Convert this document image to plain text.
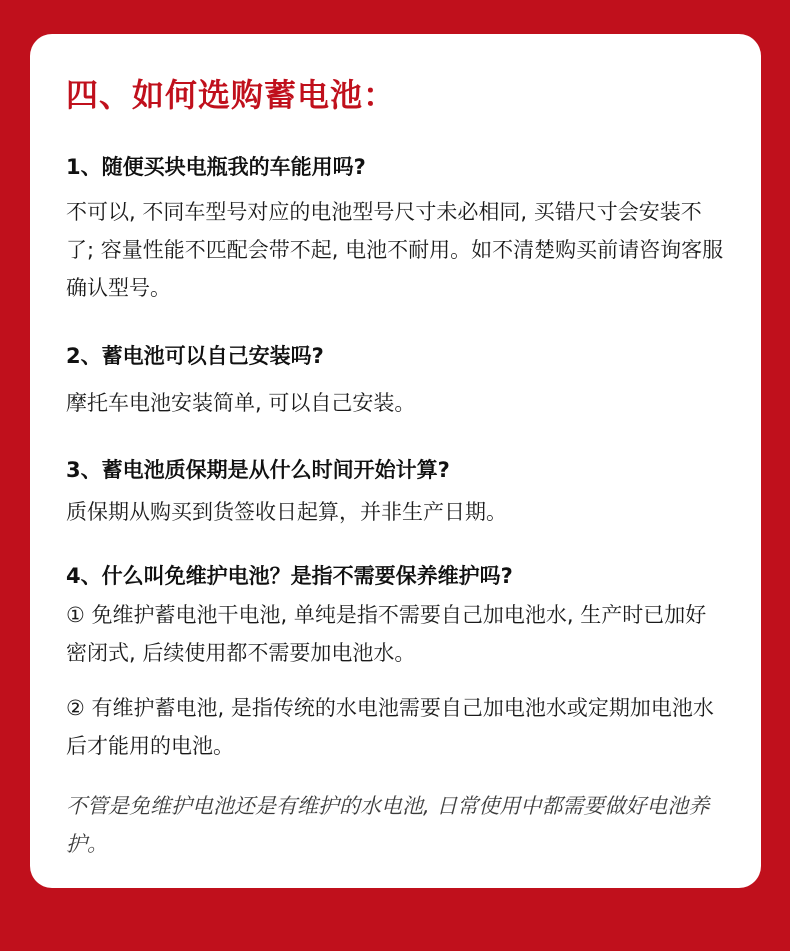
四、如何选购蓄电池：
1、随便买块电瓶我的车能用吗?
不可以, 不同车型号对应的电池型号尺寸未必相同, 买错尺寸会安装不了; 容量性能不匹配会带不起, 电池不耐用。如不清楚购买前请咨询客服确认型号。
2、蓄电池可以自己安装吗?
摩托车电池安装简单, 可以自己安装。
3、蓄电池质保期是从什么时间开始计算?
质保期从购买到货签收日起算，并非生产日期。
4、什么叫免维护电池？是指不需要保养维护吗?
① 免维护蓄电池干电池, 单纯是指不需要自己加电池水, 生产时已加好密闭式, 后续使用都不需要加电池水。
② 有维护蓄电池, 是指传统的水电池需要自己加电池水或定期加电池水后才能用的电池。
不管是免维护电池还是有维护的水电池, 日常使用中都需要做好电池养护。
